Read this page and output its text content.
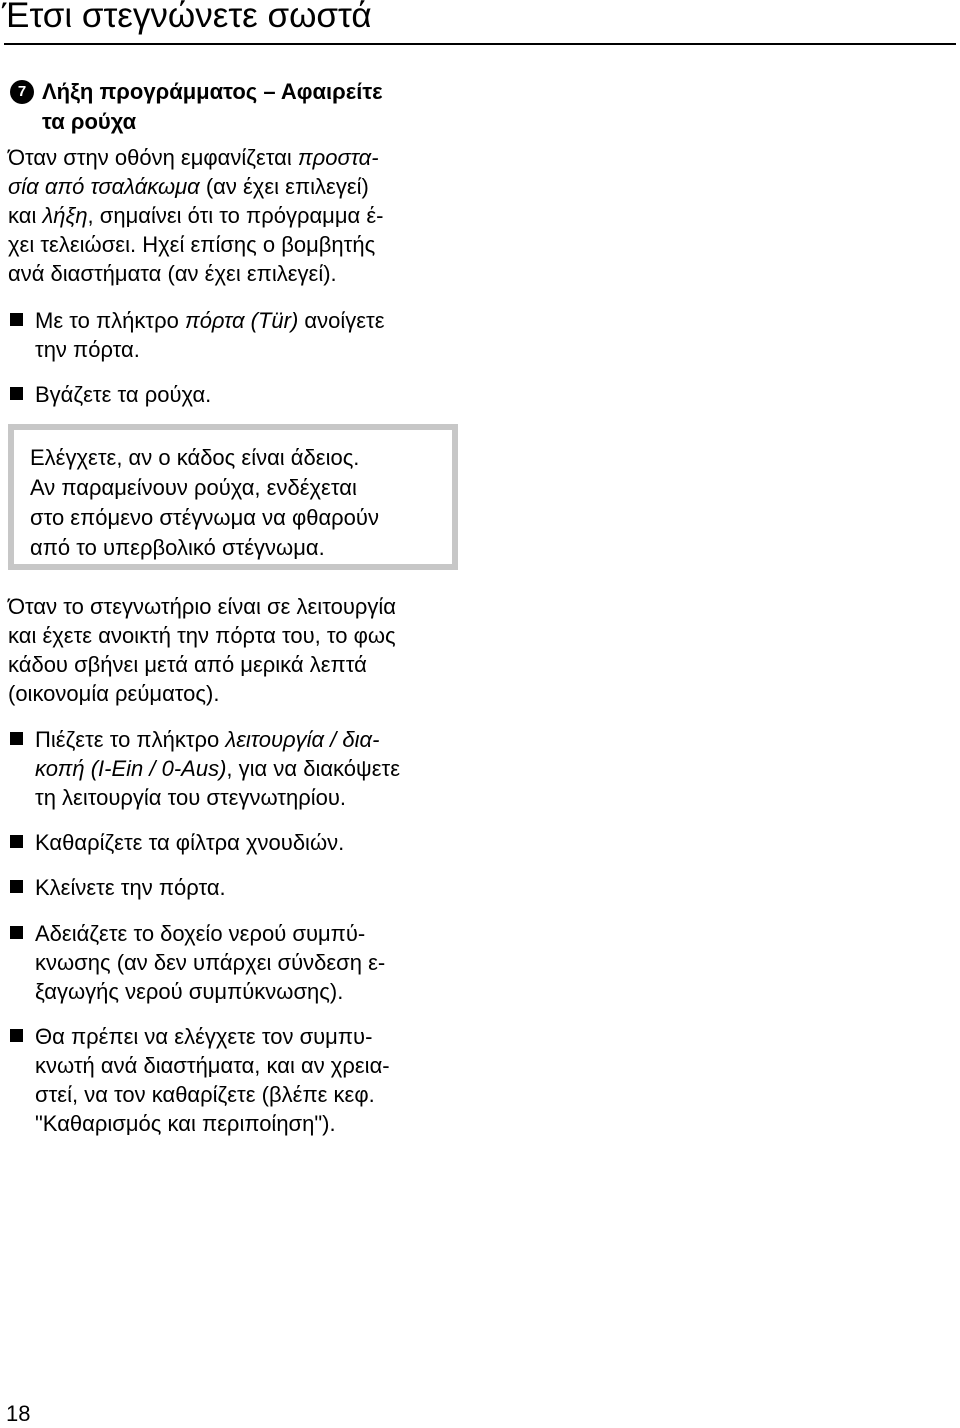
Έτσι στεγνώνετε σωστά
7 Λήξη προγράμματος – Αφαιρείτε
τα ρούχα
Όταν στην οθόνη εμφανίζεται προστα-
σία από τσαλάκωμα (αν έχει επιλεγεί)
και λήξη, σημαίνει ότι το πρόγραμμα έ-
χει τελειώσει. Ηχεί επίσης ο βομβητής
ανά διαστήματα (αν έχει επιλεγεί).
Με το πλήκτρο πόρτα (Tür) ανοίγετε
την πόρτα.
Βγάζετε τα ρούχα.
Ελέγχετε, αν ο κάδος είναι άδειος.
Αν παραμείνουν ρούχα, ενδέχεται
στο επόμενο στέγνωμα να φθαρούν
από το υπερβολικό στέγνωμα.
Όταν το στεγνωτήριο είναι σε λειτουργία
και έχετε ανοικτή την πόρτα του, το φως
κάδου σβήνει μετά από μερικά λεπτά
(οικονομία ρεύματος).
Πιέζετε το πλήκτρο λειτουργία / δια-
κοπή (I-Ein / 0-Aus), για να διακόψετε
τη λειτουργία του στεγνωτηρίου.
Καθαρίζετε τα φίλτρα χνουδιών.
Κλείνετε την πόρτα.
Αδειάζετε το δοχείο νερού συμπύ-
κνωσης (αν δεν υπάρχει σύνδεση ε-
ξαγωγής νερού συμπύκνωσης).
Θα πρέπει να ελέγχετε τον συμπυ-
κνωτή ανά διαστήματα, και αν χρεια-
στεί, να τον καθαρίζετε (βλέπε κεφ.
"Καθαρισμός και περιποίηση").
18
